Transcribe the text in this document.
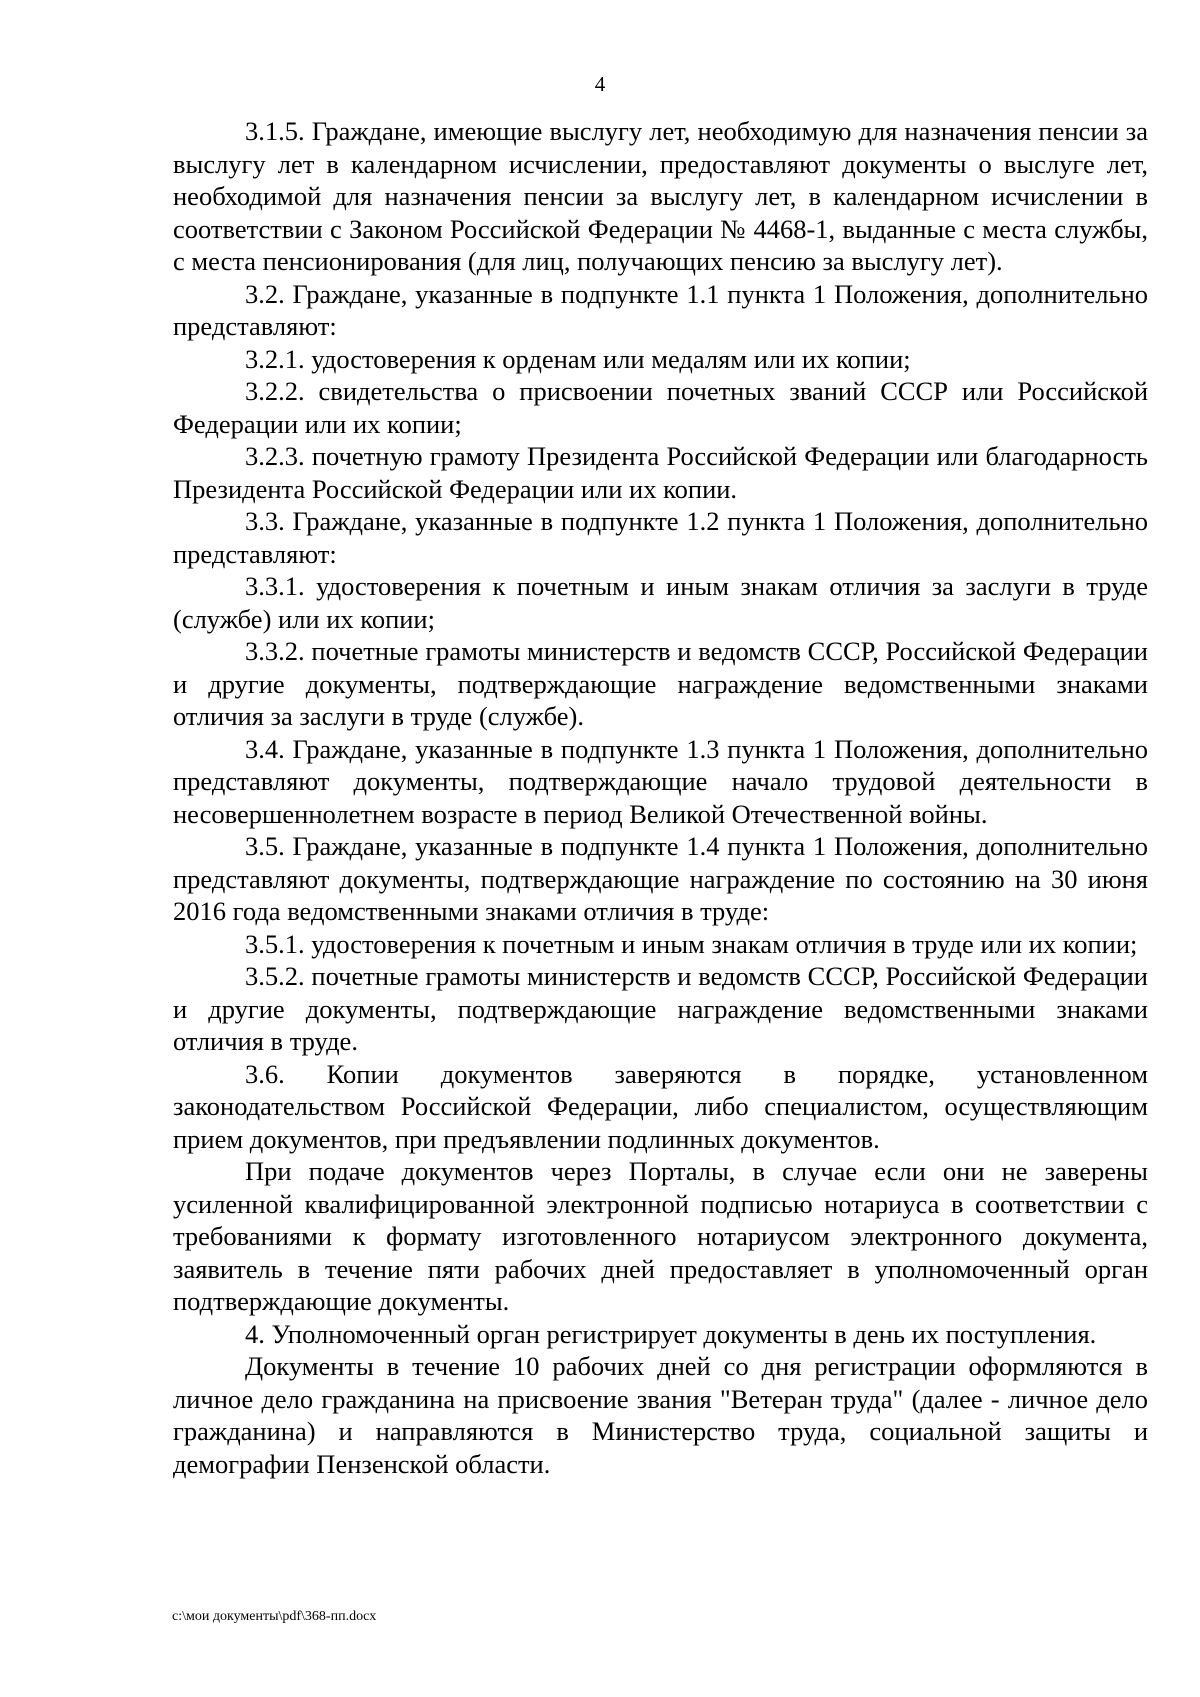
4

3.1.5. Граждане, имеющие выслугу лет, необходимую для назначения пенсии за выслугу лет в календарном исчислении, предоставляют документы о выслуге лет, необходимой для назначения пенсии за выслугу лет, в календарном исчислении в соответствии с Законом Российской Федерации № 4468-1, выданные с места службы, с места пенсионирования (для лиц, получающих пенсию за выслугу лет).

3.2. Граждане, указанные в подпункте 1.1 пункта 1 Положения, дополнительно представляют:

3.2.1. удостоверения к орденам или медалям или их копии;

3.2.2. свидетельства о присвоении почетных званий СССР или Российской Федерации или их копии;

3.2.3. почетную грамоту Президента Российской Федерации или благодарность Президента Российской Федерации или их копии.

3.3. Граждане, указанные в подпункте 1.2 пункта 1 Положения, дополнительно представляют:

3.3.1. удостоверения к почетным и иным знакам отличия за заслуги в труде (службе) или их копии;

3.3.2. почетные грамоты министерств и ведомств СССР, Российской Федерации и другие документы, подтверждающие награждение ведомственными знаками отличия за заслуги в труде (службе).

3.4. Граждане, указанные в подпункте 1.3 пункта 1 Положения, дополнительно представляют документы, подтверждающие начало трудовой деятельности в несовершеннолетнем возрасте в период Великой Отечественной войны.

3.5. Граждане, указанные в подпункте 1.4 пункта 1 Положения, дополнительно представляют документы, подтверждающие награждение по состоянию на 30 июня 2016 года ведомственными знаками отличия в труде:

3.5.1. удостоверения к почетным и иным знакам отличия в труде или их копии;

3.5.2. почетные грамоты министерств и ведомств СССР, Российской Федерации и другие документы, подтверждающие награждение ведомственными знаками отличия в труде.

3.6. Копии документов заверяются в порядке, установленном законодательством Российской Федерации, либо специалистом, осуществляющим прием документов, при предъявлении подлинных документов.

При подаче документов через Порталы, в случае если они не заверены усиленной квалифицированной электронной подписью нотариуса в соответствии с требованиями к формату изготовленного нотариусом электронного документа, заявитель в течение пяти рабочих дней предоставляет в уполномоченный орган подтверждающие документы.

4. Уполномоченный орган регистрирует документы в день их поступления.

Документы в течение 10 рабочих дней со дня регистрации оформляются в личное дело гражданина на присвоение звания "Ветеран труда" (далее - личное дело гражданина) и направляются в Министерство труда, социальной защиты и демографии Пензенской области.

c:\мои документы\pdf\368-пп.docx
